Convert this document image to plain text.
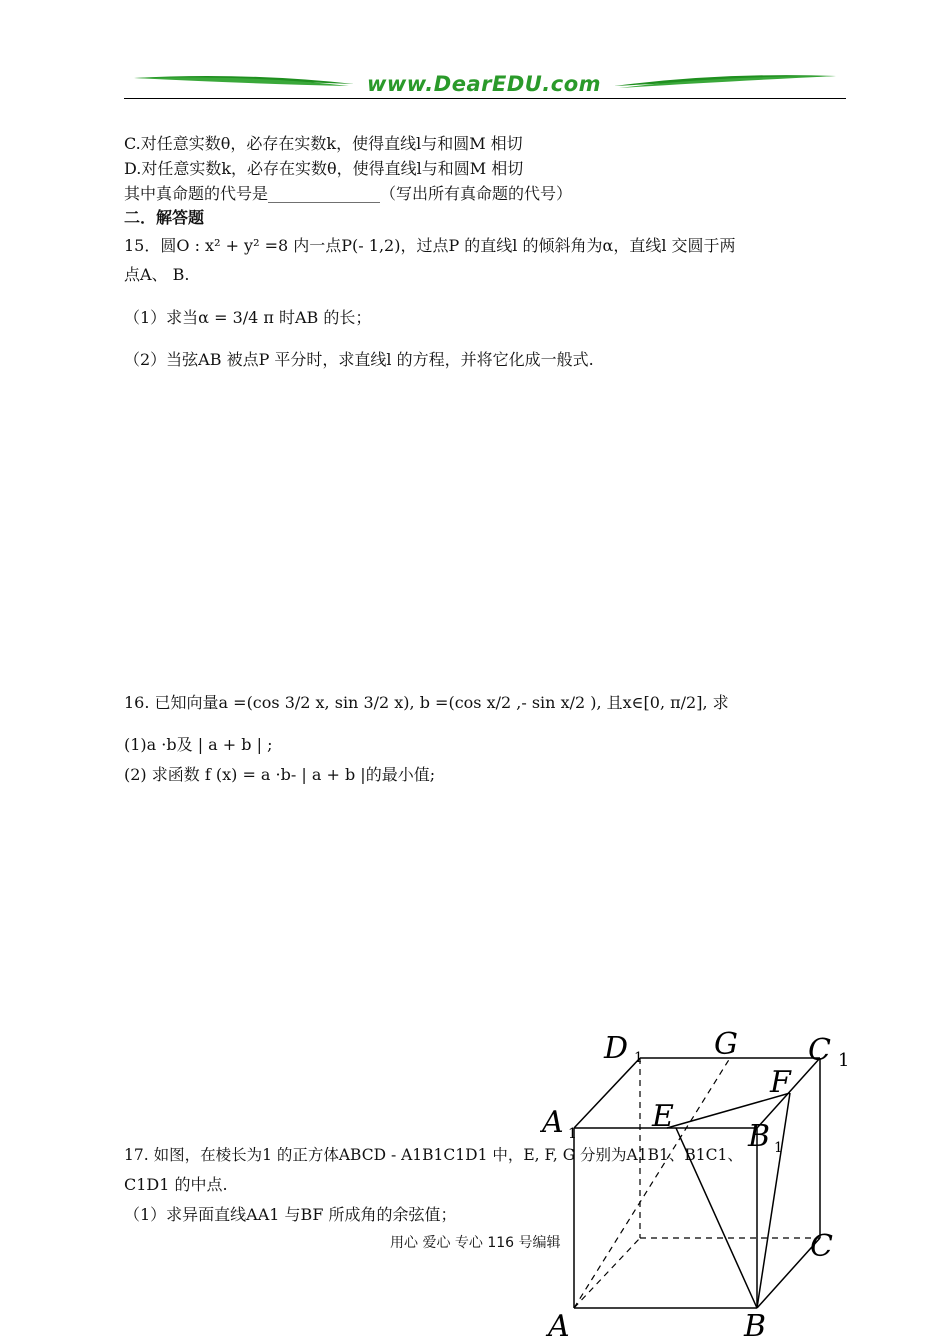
www.DearEDU.com
C.对任意实数θ，必存在实数k，使得直线l与和圆M 相切
D.对任意实数k，必存在实数θ，使得直线l与和圆M 相切
其中真命题的代号是______________（写出所有真命题的代号）
二．解答题
15．圆O : x² + y² =8 内一点P(- 1,2)，过点P 的直线l 的倾斜角为α，直线l 交圆于两
点A、 B.
（1）求当α = 3/4 π 时AB 的长；
（2）当弦AB 被点P 平分时，求直线l 的方程，并将它化成一般式.
16. 已知向量a =(cos 3/2 x, sin 3/2 x), b =(cos x/2 ,- sin x/2 ), 且x∈[0, π/2], 求
(1)a ·b及 | a + b | ;
(2) 求函数 f (x) = a ·b- | a + b |的最小值;
17. 如图，在棱长为1 的正方体ABCD - A1B1C1D1 中，E, F, G 分别为A1B1、B1C1、
C1D1 的中点.
（1）求异面直线AA1 与BF 所成角的余弦值；
用心 爱心 专心 116 号编辑
D 1 G C 1
F
A 1	E
B 1
C
A	B
